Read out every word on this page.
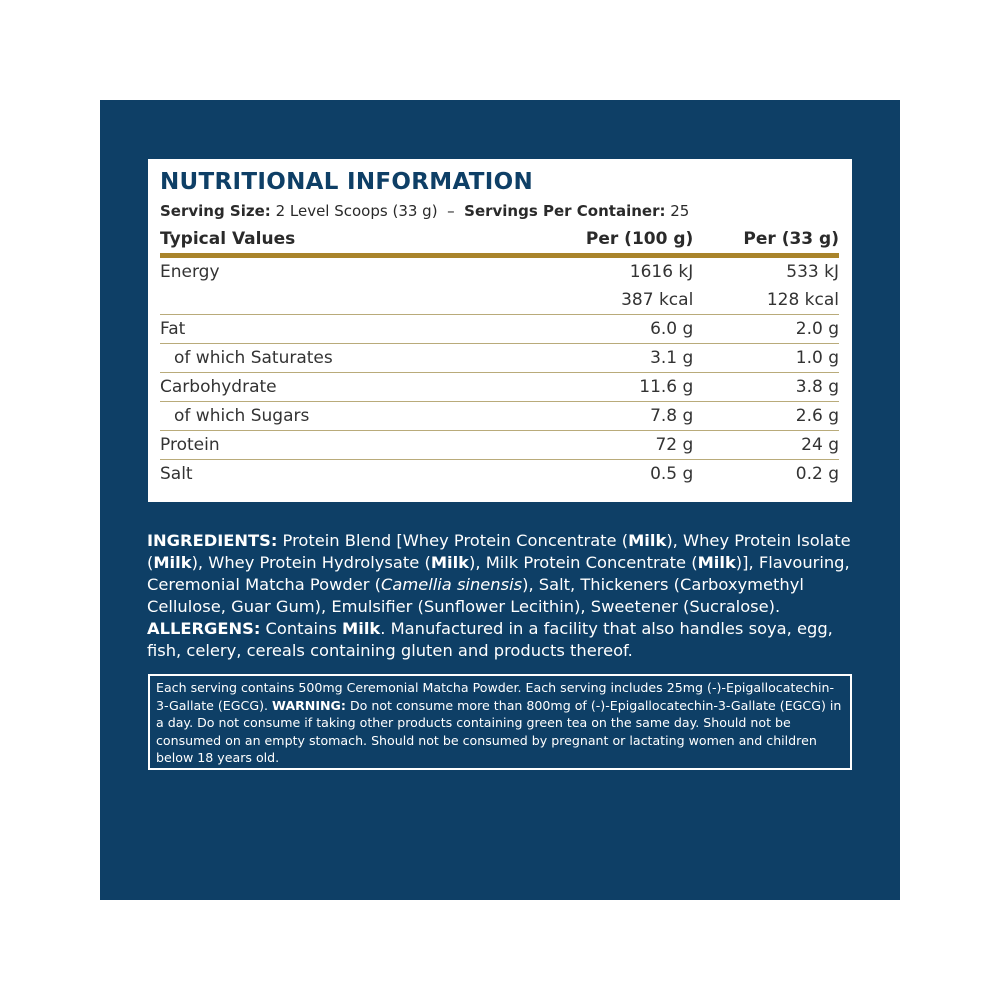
NUTRITIONAL INFORMATION
Serving Size: 2 Level Scoops (33 g) – Servings Per Container: 25
Typical Values	Per (100 g)	Per (33 g)
Energy	1616 kJ	533 kJ
	387 kcal	128 kcal
Fat	6.0 g	2.0 g
of which Saturates	3.1 g	1.0 g
Carbohydrate	11.6 g	3.8 g
of which Sugars	7.8 g	2.6 g
Protein	72 g	24 g
Salt	0.5 g	0.2 g

INGREDIENTS: Protein Blend [Whey Protein Concentrate (Milk), Whey Protein Isolate (Milk), Whey Protein Hydrolysate (Milk), Milk Protein Concentrate (Milk)], Flavouring, Ceremonial Matcha Powder (Camellia sinensis), Salt, Thickeners (Carboxymethyl Cellulose, Guar Gum), Emulsifier (Sunflower Lecithin), Sweetener (Sucralose). ALLERGENS: Contains Milk. Manufactured in a facility that also handles soya, egg, fish, celery, cereals containing gluten and products thereof.

Each serving contains 500mg Ceremonial Matcha Powder. Each serving includes 25mg (-)-Epigallocatechin-3-Gallate (EGCG). WARNING: Do not consume more than 800mg of (-)-Epigallocatechin-3-Gallate (EGCG) in a day. Do not consume if taking other products containing green tea on the same day. Should not be consumed on an empty stomach. Should not be consumed by pregnant or lactating women and children below 18 years old.
